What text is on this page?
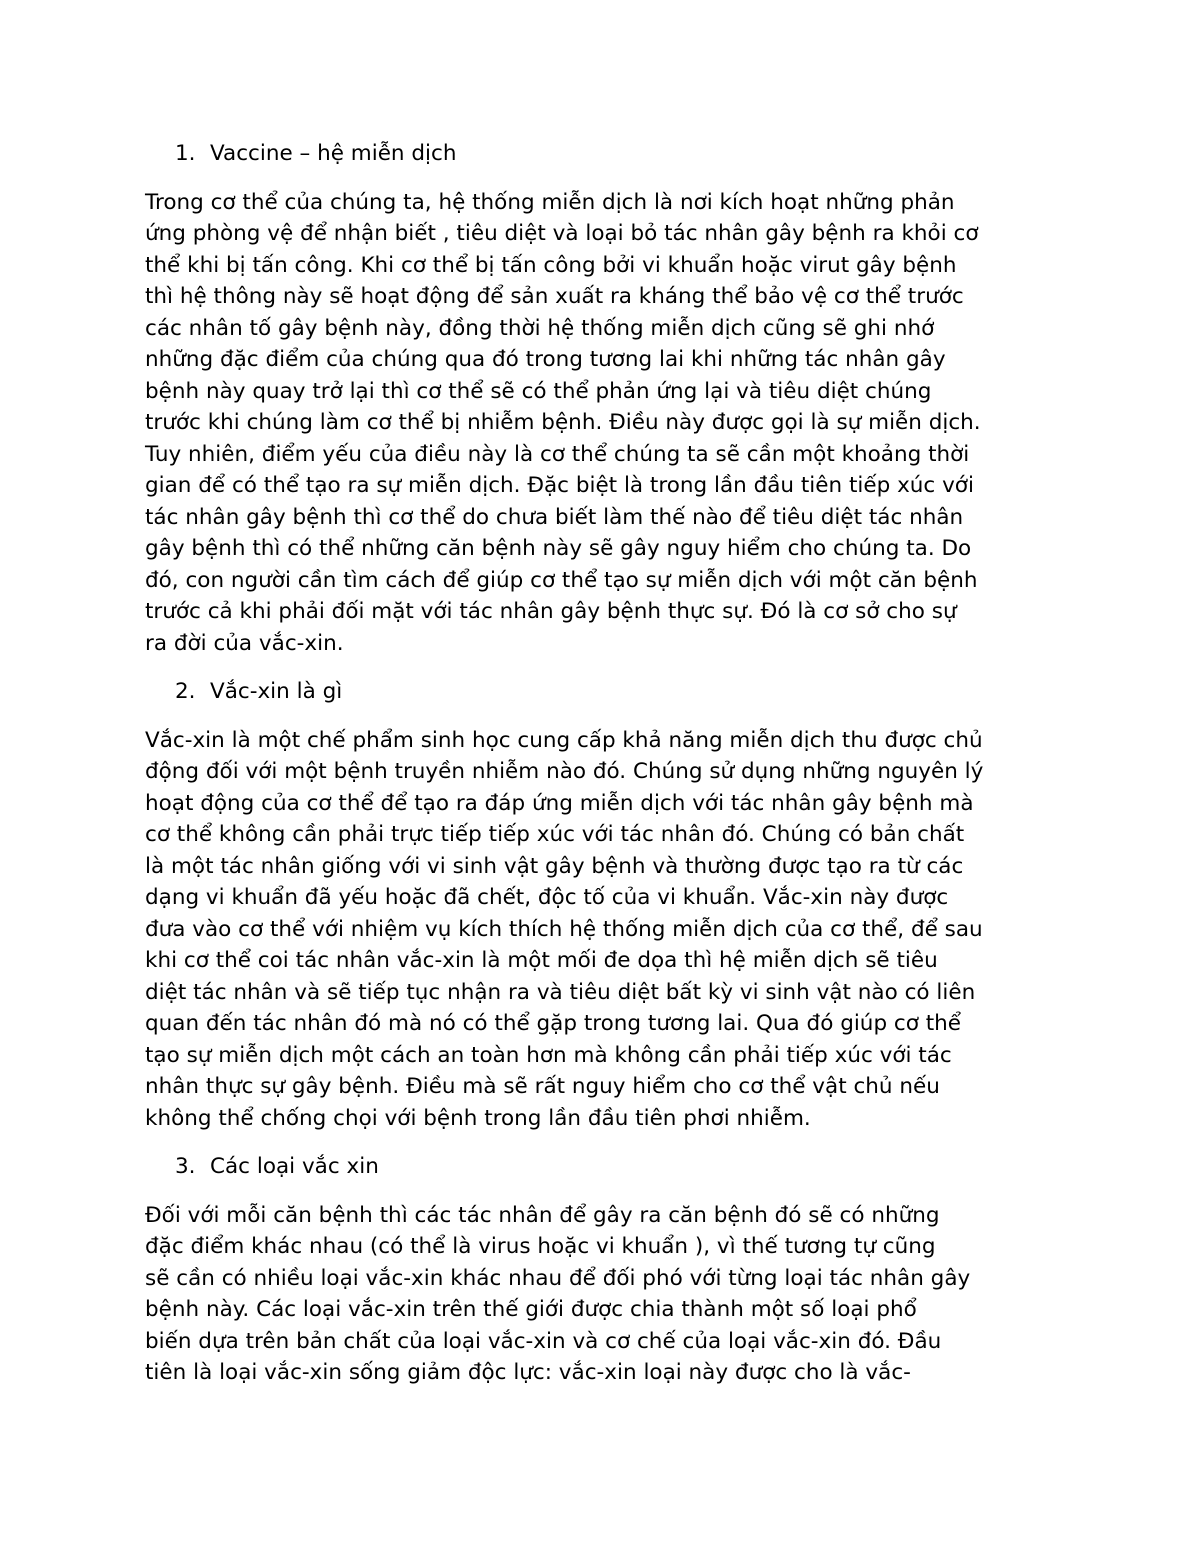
1. Vaccine – hệ miễn dịch
Trong cơ thể của chúng ta, hệ thống miễn dịch là nơi kích hoạt những phản
ứng phòng vệ để nhận biết , tiêu diệt và loại bỏ tác nhân gây bệnh ra khỏi cơ
thể khi bị tấn công. Khi cơ thể bị tấn công bởi vi khuẩn hoặc virut gây bệnh
thì hệ thông này sẽ hoạt động để sản xuất ra kháng thể bảo vệ cơ thể trước
các nhân tố gây bệnh này, đồng thời hệ thống miễn dịch cũng sẽ ghi nhớ
những đặc điểm của chúng qua đó trong tương lai khi những tác nhân gây
bệnh này quay trở lại thì cơ thể sẽ có thể phản ứng lại và tiêu diệt chúng
trước khi chúng làm cơ thể bị nhiễm bệnh. Điều này được gọi là sự miễn dịch.
Tuy nhiên, điểm yếu của điều này là cơ thể chúng ta sẽ cần một khoảng thời
gian để có thể tạo ra sự miễn dịch. Đặc biệt là trong lần đầu tiên tiếp xúc với
tác nhân gây bệnh thì cơ thể do chưa biết làm thế nào để tiêu diệt tác nhân
gây bệnh thì có thể những căn bệnh này sẽ gây nguy hiểm cho chúng ta. Do
đó, con người cần tìm cách để giúp cơ thể tạo sự miễn dịch với một căn bệnh
trước cả khi phải đối mặt với tác nhân gây bệnh thực sự. Đó là cơ sở cho sự
ra đời của vắc-xin.
2. Vắc-xin là gì
Vắc-xin là một chế phẩm sinh học cung cấp khả năng miễn dịch thu được chủ
động đối với một bệnh truyền nhiễm nào đó. Chúng sử dụng những nguyên lý
hoạt động của cơ thể để tạo ra đáp ứng miễn dịch với tác nhân gây bệnh mà
cơ thể không cần phải trực tiếp tiếp xúc với tác nhân đó. Chúng có bản chất
là một tác nhân giống với vi sinh vật gây bệnh và thường được tạo ra từ các
dạng vi khuẩn đã yếu hoặc đã chết, độc tố của vi khuẩn. Vắc-xin này được
đưa vào cơ thể với nhiệm vụ kích thích hệ thống miễn dịch của cơ thể, để sau
khi cơ thể coi tác nhân vắc-xin là một mối đe dọa thì hệ miễn dịch sẽ tiêu
diệt tác nhân và sẽ tiếp tục nhận ra và tiêu diệt bất kỳ vi sinh vật nào có liên
quan đến tác nhân đó mà nó có thể gặp trong tương lai. Qua đó giúp cơ thể
tạo sự miễn dịch một cách an toàn hơn mà không cần phải tiếp xúc với tác
nhân thực sự gây bệnh. Điều mà sẽ rất nguy hiểm cho cơ thể vật chủ nếu
không thể chống chọi với bệnh trong lần đầu tiên phơi nhiễm.
3. Các loại vắc xin
Đối với mỗi căn bệnh thì các tác nhân để gây ra căn bệnh đó sẽ có những
đặc điểm khác nhau (có thể là virus hoặc vi khuẩn ), vì thế tương tự cũng
sẽ cần có nhiều loại vắc-xin khác nhau để đối phó với từng loại tác nhân gây
bệnh này. Các loại vắc-xin trên thế giới được chia thành một số loại phổ
biến dựa trên bản chất của loại vắc-xin và cơ chế của loại vắc-xin đó. Đầu
tiên là loại vắc-xin sống giảm độc lực: vắc-xin loại này được cho là vắc-
